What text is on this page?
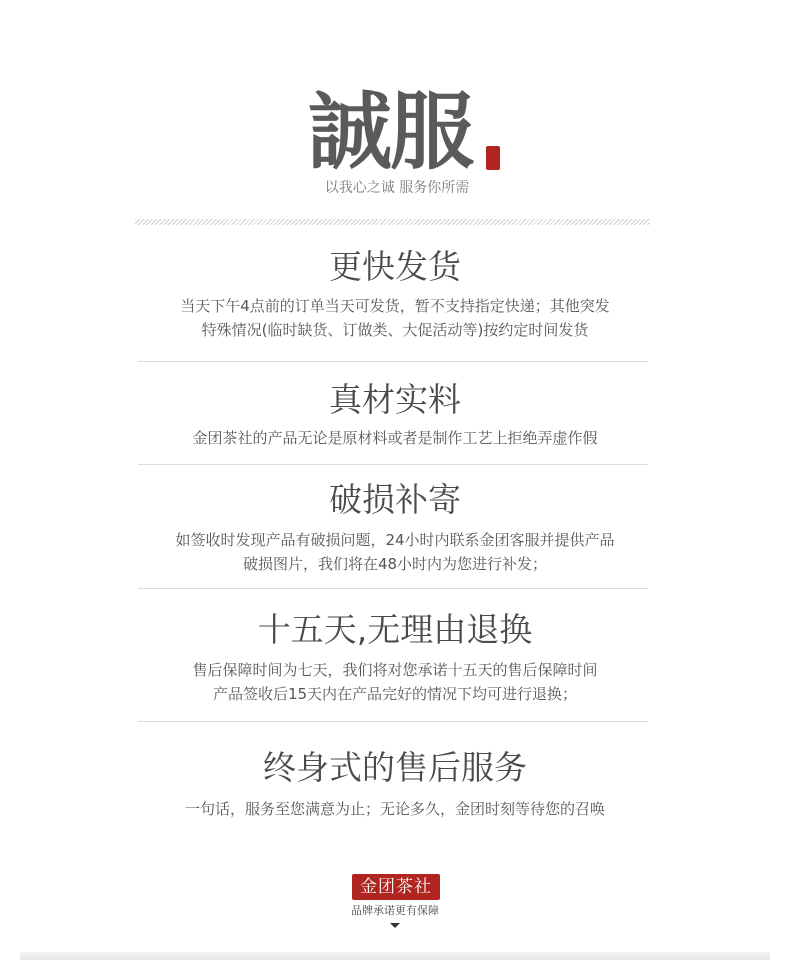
誠服
以我心之诚 服务你所需
更快发货
当天下午4点前的订单当天可发货，暂不支持指定快递；其他突发
特殊情况(临时缺货、订做类、大促活动等)按约定时间发货
真材实料
金团茶社的产品无论是原材料或者是制作工艺上拒绝弄虚作假
破损补寄
如签收时发现产品有破损问题，24小时内联系金团客服并提供产品
破损图片，我们将在48小时内为您进行补发；
十五天,无理由退换
售后保障时间为七天，我们将对您承诺十五天的售后保障时间
产品签收后15天内在产品完好的情况下均可进行退换；
终身式的售后服务
一句话，服务至您满意为止；无论多久，金团时刻等待您的召唤
金团茶社
品牌承诺更有保障
